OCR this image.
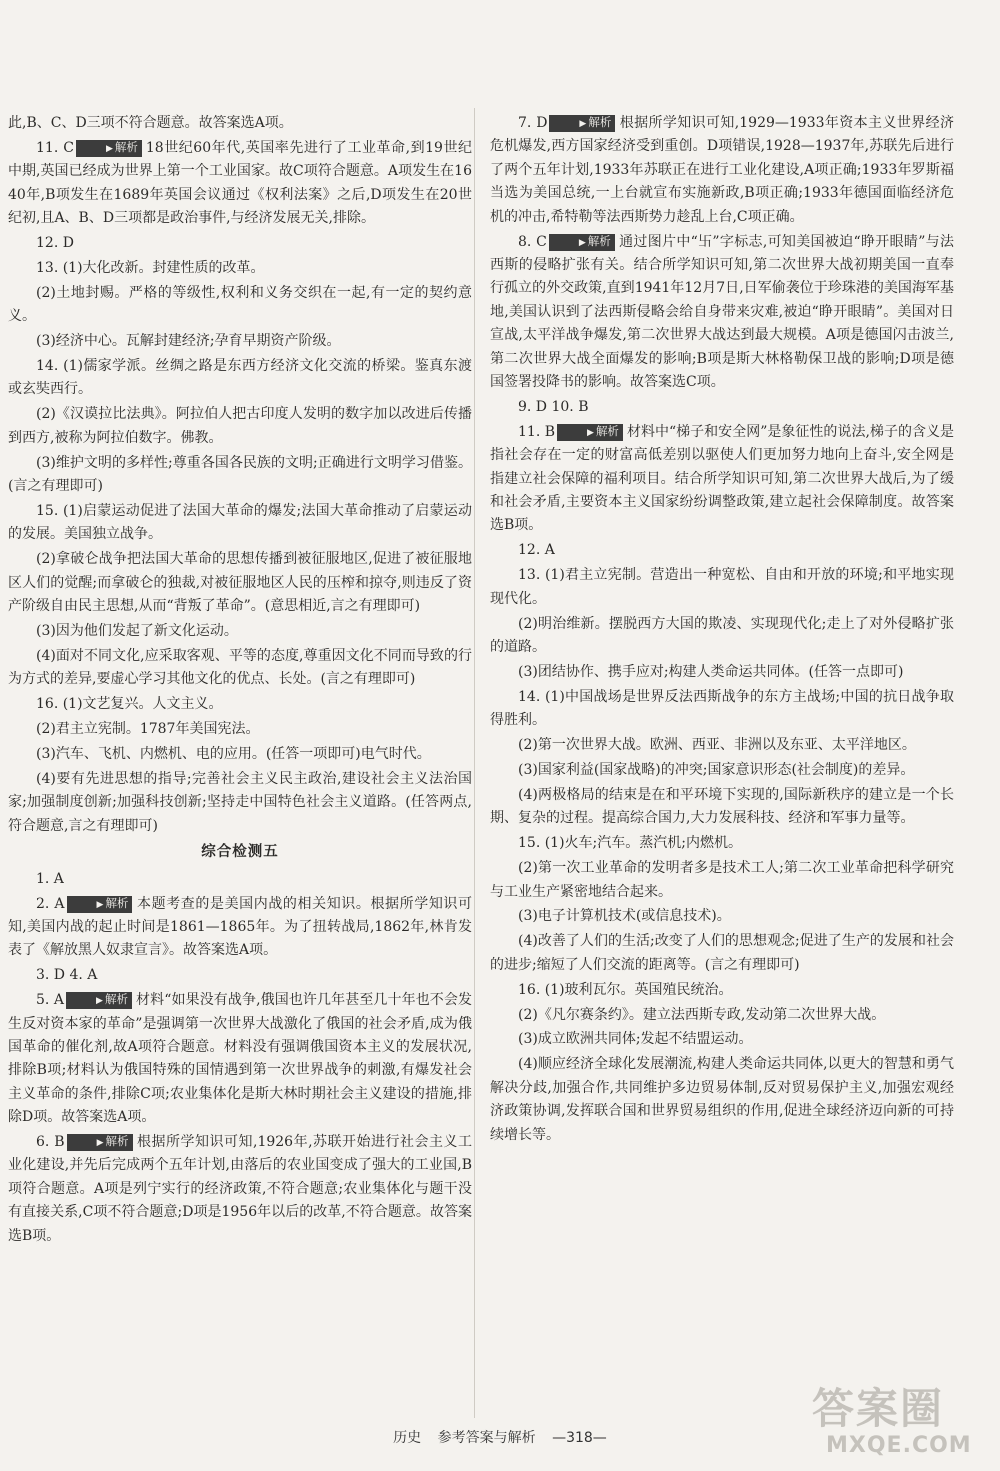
此,B、C、D三项不符合题意。故答案选A项。

11. C	▶ 解析 18世纪60年代,英国率先进行了工业革命,到19世纪中期,英国已经成为世界上第一个工业国家。故C项符合题意。A项发生在1640年,B项发生在1689年英国会议通过《权利法案》之后,D项发生在20世纪初,且A、B、D三项都是政治事件,与经济发展无关,排除。

12. D

13. (1)大化改新。封建性质的改革。

(2)土地封赐。严格的等级性,权利和义务交织在一起,有一定的契约意义。

(3)经济中心。瓦解封建经济;孕育早期资产阶级。

14. (1)儒家学派。丝绸之路是东西方经济文化交流的桥梁。鉴真东渡或玄奘西行。

(2)《汉谟拉比法典》。阿拉伯人把古印度人发明的数字加以改进后传播到西方,被称为阿拉伯数字。佛教。

(3)维护文明的多样性;尊重各国各民族的文明;正确进行文明学习借鉴。(言之有理即可)

15. (1)启蒙运动促进了法国大革命的爆发;法国大革命推动了启蒙运动的发展。美国独立战争。

(2)拿破仑战争把法国大革命的思想传播到被征服地区,促进了被征服地区人们的觉醒;而拿破仑的独裁,对被征服地区人民的压榨和掠夺,则违反了资产阶级自由民主思想,从而“背叛了革命”。(意思相近,言之有理即可)

(3)因为他们发起了新文化运动。

(4)面对不同文化,应采取客观、平等的态度,尊重因文化不同而导致的行为方式的差异,要虚心学习其他文化的优点、长处。(言之有理即可)

16. (1)文艺复兴。人文主义。

(2)君主立宪制。1787年美国宪法。

(3)汽车、飞机、内燃机、电的应用。(任答一项即可)电气时代。

(4)要有先进思想的指导;完善社会主义民主政治,建设社会主义法治国家;加强制度创新;加强科技创新;坚持走中国特色社会主义道路。(任答两点,符合题意,言之有理即可)

综合检测五

1. A

2. A	▶ 解析 本题考查的是美国内战的相关知识。根据所学知识可知,美国内战的起止时间是1861—1865年。为了扭转战局,1862年,林肯发表了《解放黑人奴隶宣言》。故答案选A项。

3. D 4. A

5. A	▶ 解析 材料“如果没有战争,俄国也许几年甚至几十年也不会发生反对资本家的革命”是强调第一次世界大战激化了俄国的社会矛盾,成为俄国革命的催化剂,故A项符合题意。材料没有强调俄国资本主义的发展状况,排除B项;材料认为俄国特殊的国情遇到第一次世界战争的刺激,有爆发社会主义革命的条件,排除C项;农业集体化是斯大林时期社会主义建设的措施,排除D项。故答案选A项。

6. B	▶ 解析 根据所学知识可知,1926年,苏联开始进行社会主义工业化建设,并先后完成两个五年计划,由落后的农业国变成了强大的工业国,B项符合题意。A项是列宁实行的经济政策,不符合题意;农业集体化与题干没有直接关系,C项不符合题意;D项是1956年以后的改革,不符合题意。故答案选B项。

7. D	▶ 解析 根据所学知识可知,1929—1933年资本主义世界经济危机爆发,西方国家经济受到重创。D项错误,1928—1937年,苏联先后进行了两个五年计划,1933年苏联正在进行工业化建设,A项正确;1933年罗斯福当选为美国总统,一上台就宣布实施新政,B项正确;1933年德国面临经济危机的冲击,希特勒等法西斯势力趁乱上台,C项正确。

8. C	▶ 解析 通过图片中“卐”字标志,可知美国被迫“睁开眼睛”与法西斯的侵略扩张有关。结合所学知识可知,第二次世界大战初期美国一直奉行孤立的外交政策,直到1941年12月7日,日军偷袭位于珍珠港的美国海军基地,美国认识到了法西斯侵略会给自身带来灾难,被迫“睁开眼睛”。美国对日宣战,太平洋战争爆发,第二次世界大战达到最大规模。A项是德国闪击波兰,第二次世界大战全面爆发的影响;B项是斯大林格勒保卫战的影响;D项是德国签署投降书的影响。故答案选C项。

9. D 10. B

11. B	▶ 解析 材料中“梯子和安全网”是象征性的说法,梯子的含义是指社会存在一定的财富高低差别以驱使人们更加努力地向上奋斗,安全网是指建立社会保障的福利项目。结合所学知识可知,第二次世界大战后,为了缓和社会矛盾,主要资本主义国家纷纷调整政策,建立起社会保障制度。故答案选B项。

12. A

13. (1)君主立宪制。营造出一种宽松、自由和开放的环境;和平地实现现代化。

(2)明治维新。摆脱西方大国的欺凌、实现现代化;走上了对外侵略扩张的道路。

(3)团结协作、携手应对;构建人类命运共同体。(任答一点即可)

14. (1)中国战场是世界反法西斯战争的东方主战场;中国的抗日战争取得胜利。

(2)第一次世界大战。欧洲、西亚、非洲以及东亚、太平洋地区。

(3)国家利益(国家战略)的冲突;国家意识形态(社会制度)的差异。

(4)两极格局的结束是在和平环境下实现的,国际新秩序的建立是一个长期、复杂的过程。提高综合国力,大力发展科技、经济和军事力量等。

15. (1)火车;汽车。蒸汽机;内燃机。

(2)第一次工业革命的发明者多是技术工人;第二次工业革命把科学研究与工业生产紧密地结合起来。

(3)电子计算机技术(或信息技术)。

(4)改善了人们的生活;改变了人们的思想观念;促进了生产的发展和社会的进步;缩短了人们交流的距离等。(言之有理即可)

16. (1)玻利瓦尔。英国殖民统治。

(2)《凡尔赛条约》。建立法西斯专政,发动第二次世界大战。

(3)成立欧洲共同体;发起不结盟运动。

(4)顺应经济全球化发展潮流,构建人类命运共同体,以更大的智慧和勇气解决分歧,加强合作,共同维护多边贸易体制,反对贸易保护主义,加强宏观经济政策协调,发挥联合国和世界贸易组织的作用,促进全球经济迈向新的可持续增长等。

历史 参考答案与解析 —318—
答案圈
MXQE.COM
